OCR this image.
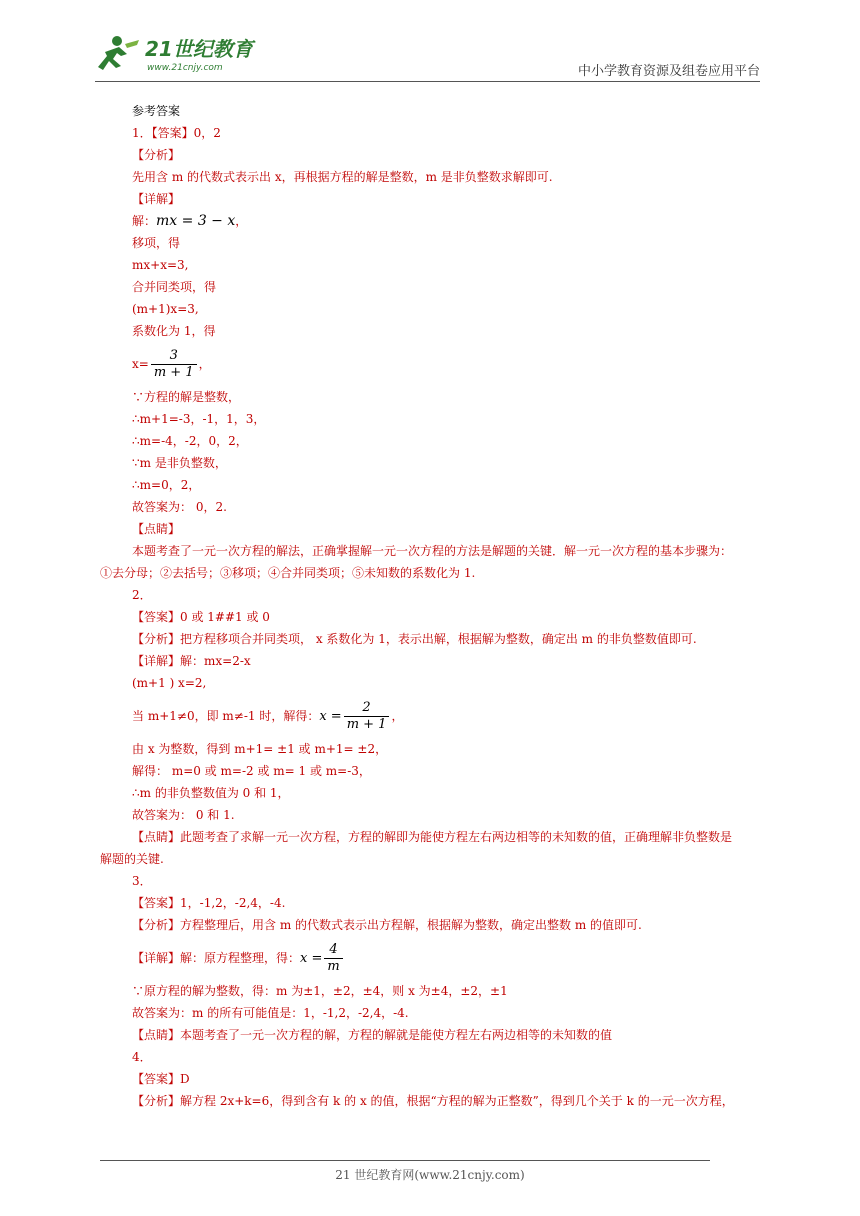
21世纪教育
www.21cnjy.com	中小学教育资源及组卷应用平台
参考答案
1．【答案】0，2
【分析】
先用含 m 的代数式表示出 x，再根据方程的解是整数，m 是非负整数求解即可.
【详解】
解：mx = 3 − x，
移项，得
mx+x=3,
合并同类项，得
(m+1)x=3,
系数化为 1，得
$x= \frac{3}{m + 1}$ ，
∵方程的解是整数，
∴m+1=-3，-1，1，3，
∴m=-4，-2，0，2，
∵m 是非负整数，
∴m=0，2，
故答案为： 0，2.
【点睛】
本题考查了一元一次方程的解法，正确掌握解一元一次方程的方法是解题的关键．解一元一次方程的基本步骤为：①去分母；②去括号；③移项；④合并同类项；⑤未知数的系数化为 1.
2．
【答案】0 或 1##1 或 0
【分析】把方程移项合并同类项， x 系数化为 1，表示出解，根据解为整数，确定出 m 的非负整数值即可.
【详解】解：mx=2-x
(m+1 ) x=2,
当 m+1≠0，即 m≠-1 时，解得：$x = \frac{2}{m + 1}$ ，
由 x 为整数，得到 m+1= ±1 或 m+1= ±2，
解得： m=0 或 m=-2 或 m= 1 或 m=-3，
∴m 的非负整数值为 0 和 1，
故答案为： 0 和 1.
【点睛】此题考查了求解一元一次方程，方程的解即为能使方程左右两边相等的未知数的值，正确理解非负整数是解题的关键.
3．
【答案】1，-1,2，-2,4，-4.
【分析】方程整理后，用含 m 的代数式表示出方程解，根据解为整数，确定出整数 m 的值即可.
【详解】解：原方程整理，得：$x = \frac{4}{m}$
∵原方程的解为整数，得：m 为±1，±2，±4，则 x 为±4，±2，±1
故答案为：m 的所有可能值是：1，-1,2，-2,4，-4.
【点睛】本题考查了一元一次方程的解，方程的解就是能使方程左右两边相等的未知数的值
4．
【答案】D
【分析】解方程 2x+k=6，得到含有 k 的 x 的值，根据“方程的解为正整数”，得到几个关于 k 的一元一次方程，
21 世纪教育网(www.21cnjy.com)
